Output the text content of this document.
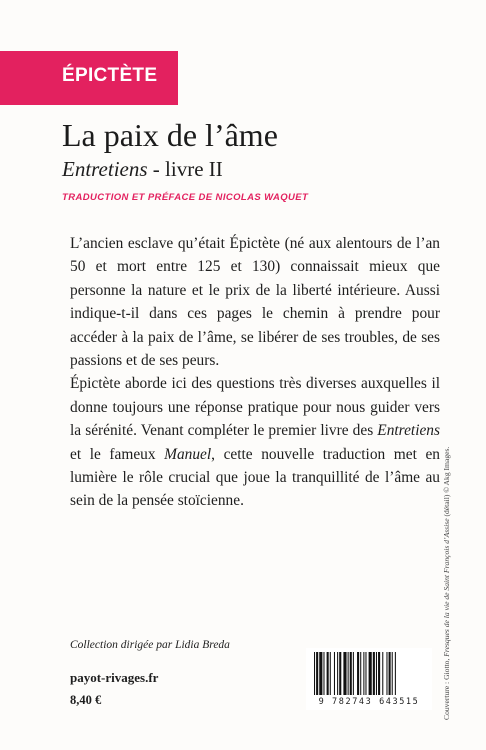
ÉPICTÈTE
La paix de l’âme
Entretiens - livre II
TRADUCTION ET PRÉFACE DE NICOLAS WAQUET

L’ancien esclave qu’était Épictète (né aux alentours de l’an 50 et mort entre 125 et 130) connaissait mieux que personne la nature et le prix de la liberté intérieure. Aussi indique-t-il dans ces pages le chemin à prendre pour accéder à la paix de l’âme, se libérer de ses troubles, de ses passions et de ses peurs.

Épictète aborde ici des questions très diverses auxquelles il donne toujours une réponse pratique pour nous guider vers la sérénité. Venant compléter le premier livre des Entretiens et le fameux Manuel, cette nouvelle traduction met en lumière le rôle crucial que joue la tranquillité de l’âme au sein de la pensée stoïcienne.

Collection dirigée par Lidia Breda
payot-rivages.fr
8,40 €	9 782743 643515	Couverture : Giotto, Fresques de la vie de Saint François d’Assise (détail) © Akg Images.
